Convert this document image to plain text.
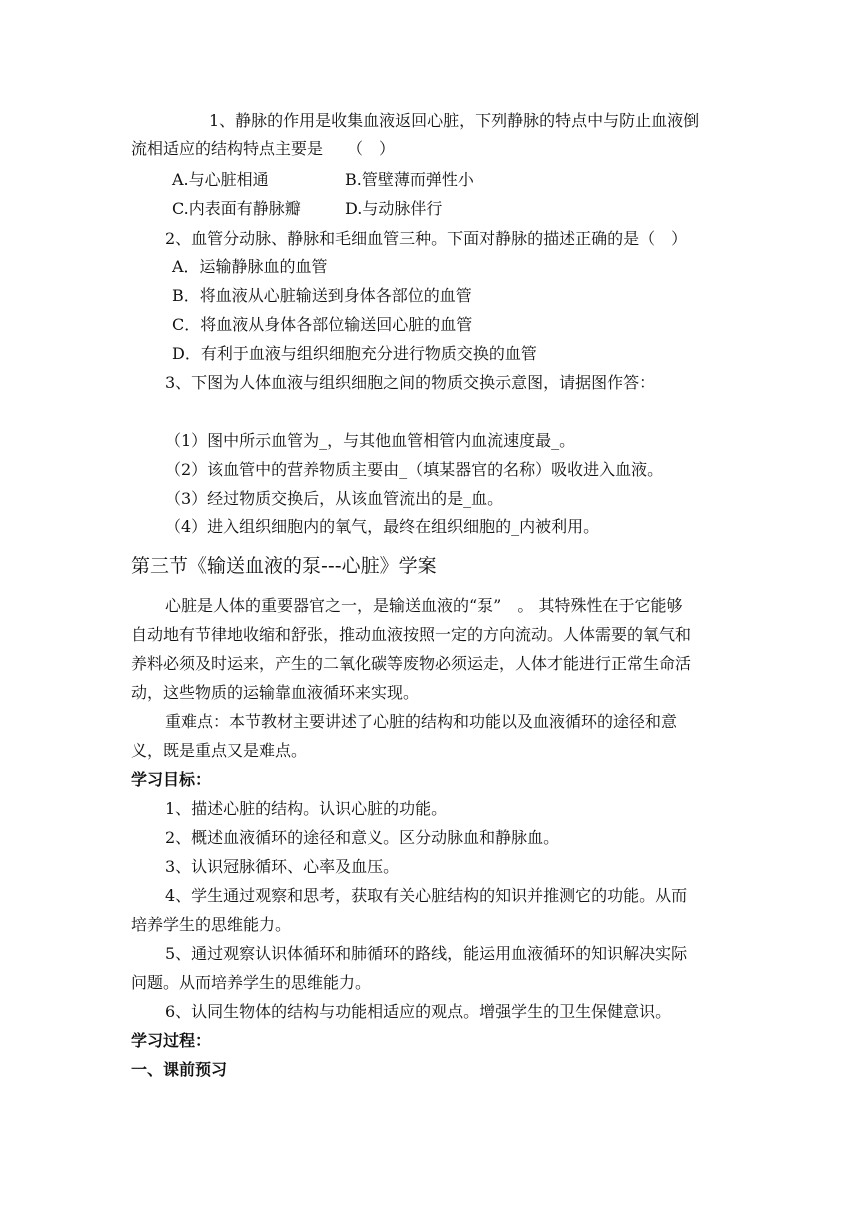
1、静脉的作用是收集血液返回心脏，下列静脉的特点中与防止血液倒
流相适应的结构特点主要是　　（　）
A.与心脏相通	B.管壁薄而弹性小
C.内表面有静脉瓣	D.与动脉伴行
2、血管分动脉、静脉和毛细血管三种。下面对静脉的描述正确的是（　）
A．运输静脉血的血管
B．将血液从心脏输送到身体各部位的血管
C．将血液从身体各部位输送回心脏的血管
D．有利于血液与组织细胞充分进行物质交换的血管
3、下图为人体血液与组织细胞之间的物质交换示意图，请据图作答：
（1）图中所示血管为_，与其他血管相管内血流速度最_。
（2）该血管中的营养物质主要由_（填某器官的名称）吸收进入血液。
（3）经过物质交换后，从该血管流出的是_血。
（4）进入组织细胞内的氧气，最终在组织细胞的_内被利用。
第三节《输送血液的泵---心脏》学案
心脏是人体的重要器官之一，是输送血液的“泵”　。 其特殊性在于它能够
自动地有节律地收缩和舒张，推动血液按照一定的方向流动。人体需要的氧气和
养料必须及时运来，产生的二氧化碳等废物必须运走，人体才能进行正常生命活
动，这些物质的运输靠血液循环来实现。
重难点：本节教材主要讲述了心脏的结构和功能以及血液循环的途径和意
义，既是重点又是难点。
学习目标：
1、描述心脏的结构。认识心脏的功能。
2、概述血液循环的途径和意义。区分动脉血和静脉血。
3、认识冠脉循环、心率及血压。
4、学生通过观察和思考，获取有关心脏结构的知识并推测它的功能。从而
培养学生的思维能力。
5、通过观察认识体循环和肺循环的路线，能运用血液循环的知识解决实际
问题。从而培养学生的思维能力。
6、认同生物体的结构与功能相适应的观点。增强学生的卫生保健意识。
学习过程：
一、课前预习
